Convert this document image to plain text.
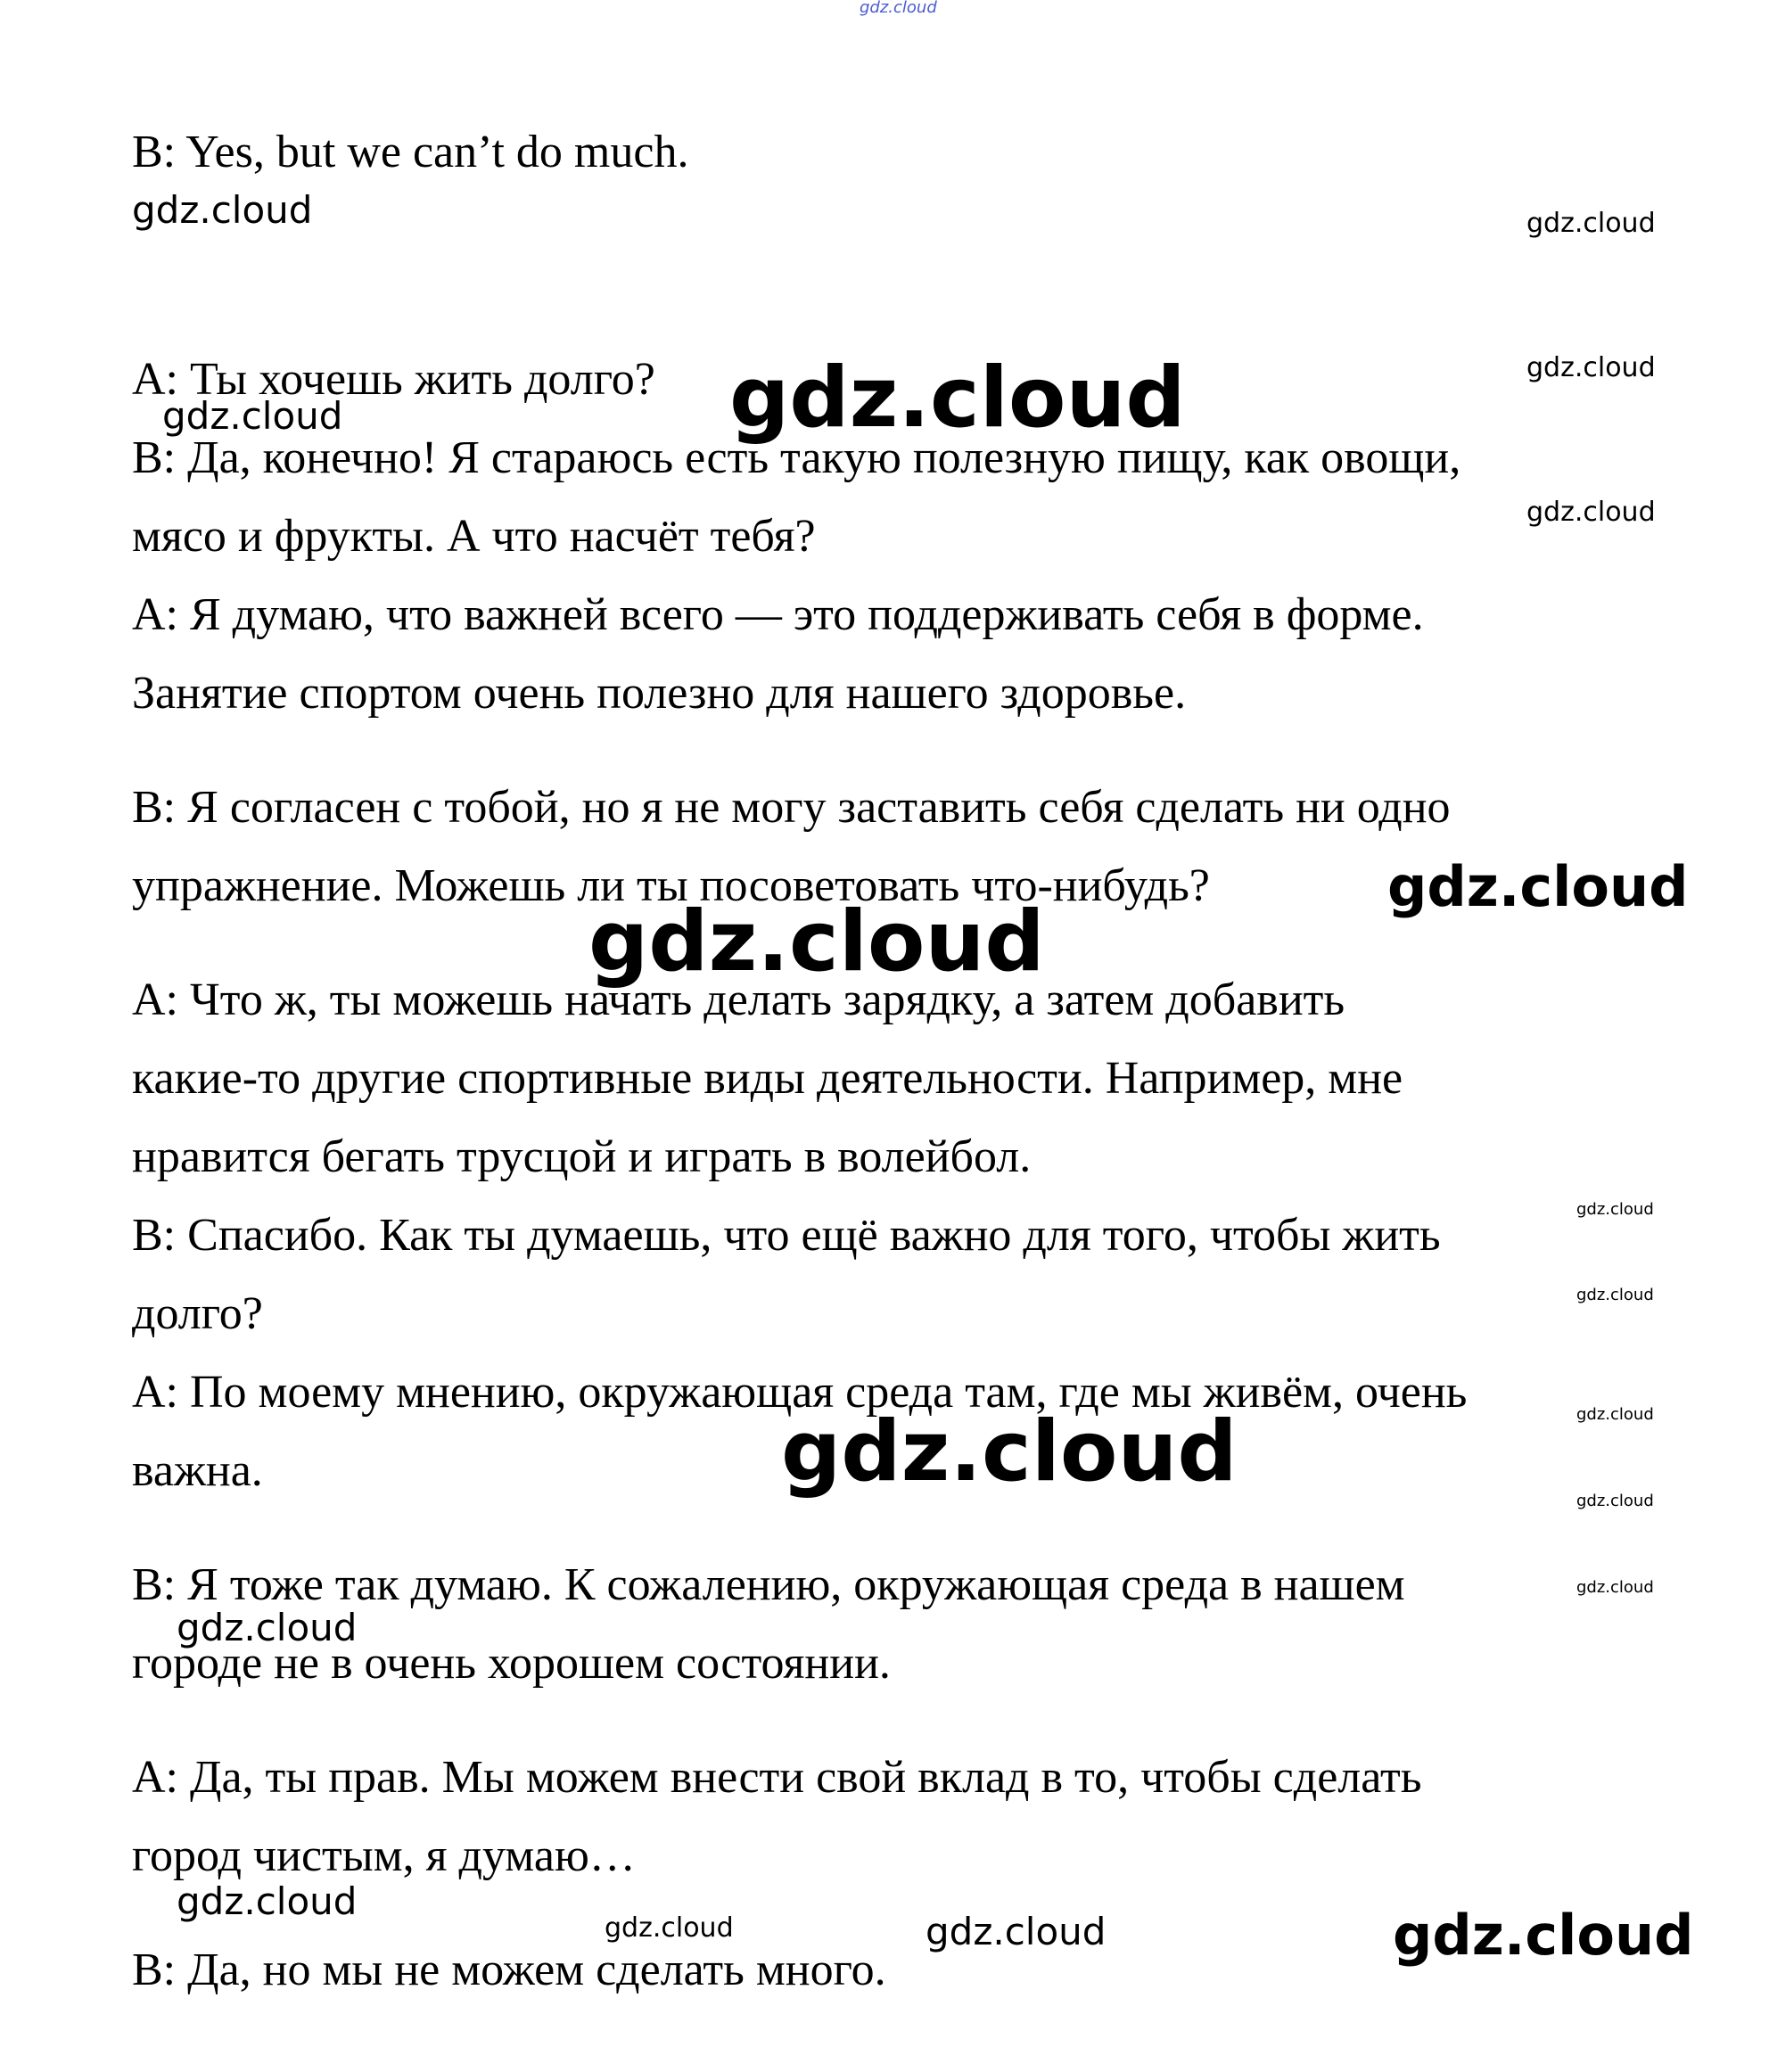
B: Yes, but we can’t do much.
A: Ты хочешь жить долго?
B: Да, конечно! Я стараюсь есть такую полезную пищу, как овощи,
мясо и фрукты. А что насчёт тебя?
A: Я думаю, что важней всего — это поддерживать себя в форме.
Занятие спортом очень полезно для нашего здоровье.
B: Я согласен с тобой, но я не могу заставить себя сделать ни одно
упражнение. Можешь ли ты посоветовать что-нибудь?
A: Что ж, ты можешь начать делать зарядку, а затем добавить
какие-то другие спортивные виды деятельности. Например, мне
нравится бегать трусцой и играть в волейбол.
B: Спасибо. Как ты думаешь, что ещё важно для того, чтобы жить
долго?
A: По моему мнению, окружающая среда там, где мы живём, очень
важна.
B: Я тоже так думаю. К сожалению, окружающая среда в нашем
городе не в очень хорошем состоянии.
A: Да, ты прав. Мы можем внести свой вклад в то, чтобы сделать
город чистым, я думаю…
B: Да, но мы не можем сделать много.
gdz.cloud
gdz.cloud	gdz.cloud
gdz.cloud
gdz.cloud	gdz.cloud
gdz.cloud
gdz.cloud
gdz.cloud
gdz.cloud
gdz.cloud
gdz.cloud
gdz.cloud
gdz.cloud
gdz.cloud
gdz.cloud
gdz.cloud
gdz.cloud	gdz.cloud	gdz.cloud
